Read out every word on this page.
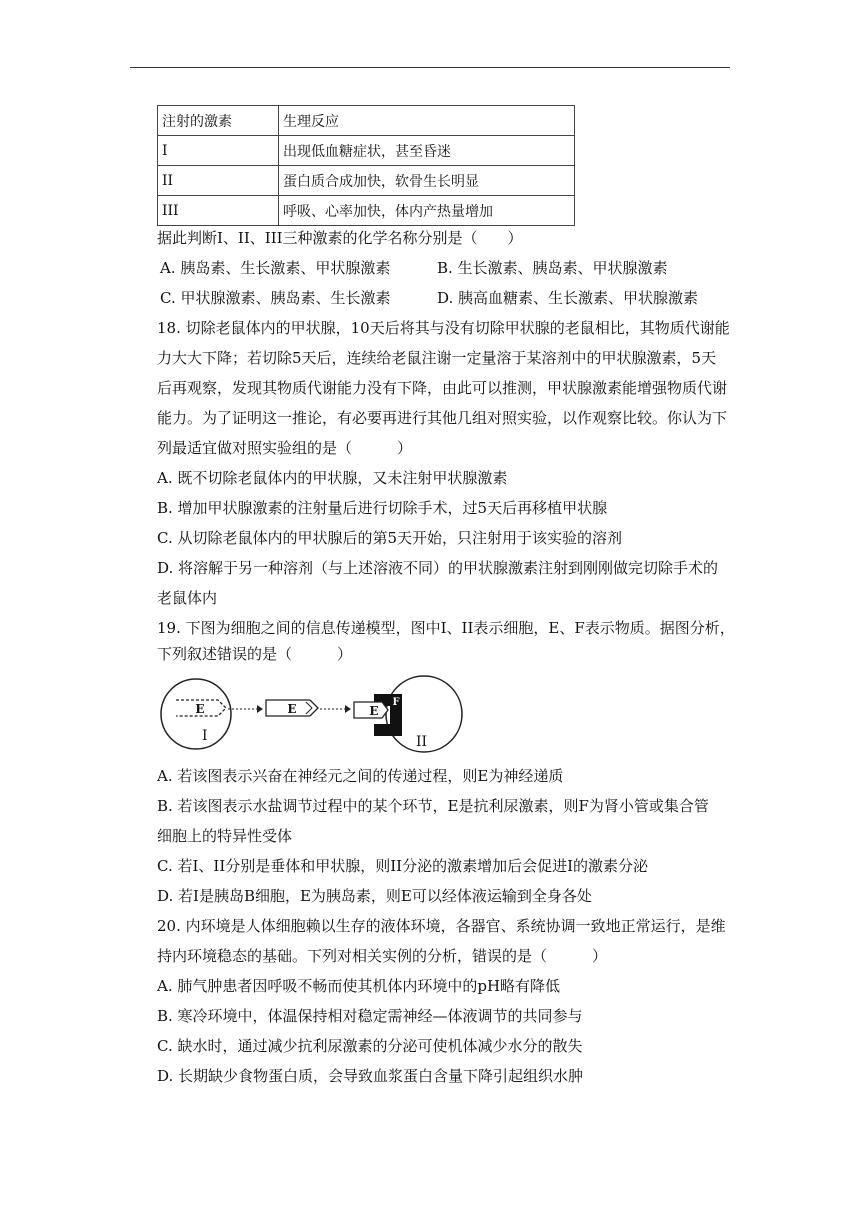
注射的激素	生理反应
I	出现低血糖症状，甚至昏迷
II	蛋白质合成加快，软骨生长明显
III	呼吸、心率加快，体内产热量增加
据此判断I、II、III三种激素的化学名称分别是（　　）
A. 胰岛素、生长激素、甲状腺激素	B. 生长激素、胰岛素、甲状腺激素
C. 甲状腺激素、胰岛素、生长激素	D. 胰高血糖素、生长激素、甲状腺激素
18. 切除老鼠体内的甲状腺，10天后将其与没有切除甲状腺的老鼠相比，其物质代谢能
力大大下降；若切除5天后，连续给老鼠注谢一定量溶于某溶剂中的甲状腺激素，5天
后再观察，发现其物质代谢能力没有下降，由此可以推测，甲状腺激素能增强物质代谢
能力。为了证明这一推论，有必要再进行其他几组对照实验，以作观察比较。你认为下
列最适宜做对照实验组的是（　　　）
A. 既不切除老鼠体内的甲状腺，又未注射甲状腺激素
B. 增加甲状腺激素的注射量后进行切除手术，过5天后再移植甲状腺
C. 从切除老鼠体内的甲状腺后的第5天开始，只注射用于该实验的溶剂
D. 将溶解于另一种溶剂（与上述溶液不同）的甲状腺激素注射到刚刚做完切除手术的
老鼠体内
19. 下图为细胞之间的信息传递模型，图中I、II表示细胞，E、F表示物质。据图分析，
下列叙述错误的是（　　　）
E
I
E	F
E
II
A. 若该图表示兴奋在神经元之间的传递过程，则E为神经递质
B. 若该图表示水盐调节过程中的某个环节，E是抗利尿激素，则F为肾小管或集合管
细胞上的特异性受体
C. 若I、II分别是垂体和甲状腺，则II分泌的激素增加后会促进I的激素分泌
D. 若I是胰岛B细胞，E为胰岛素，则E可以经体液运输到全身各处
20. 内环境是人体细胞赖以生存的液体环境，各器官、系统协调一致地正常运行，是维
持内环境稳态的基础。下列对相关实例的分析，错误的是（　　　）
A. 肺气肿患者因呼吸不畅而使其机体内环境中的pH略有降低
B. 寒冷环境中，体温保持相对稳定需神经—体液调节的共同参与
C. 缺水时，通过减少抗利尿激素的分泌可使机体减少水分的散失
D. 长期缺少食物蛋白质，会导致血浆蛋白含量下降引起组织水肿
